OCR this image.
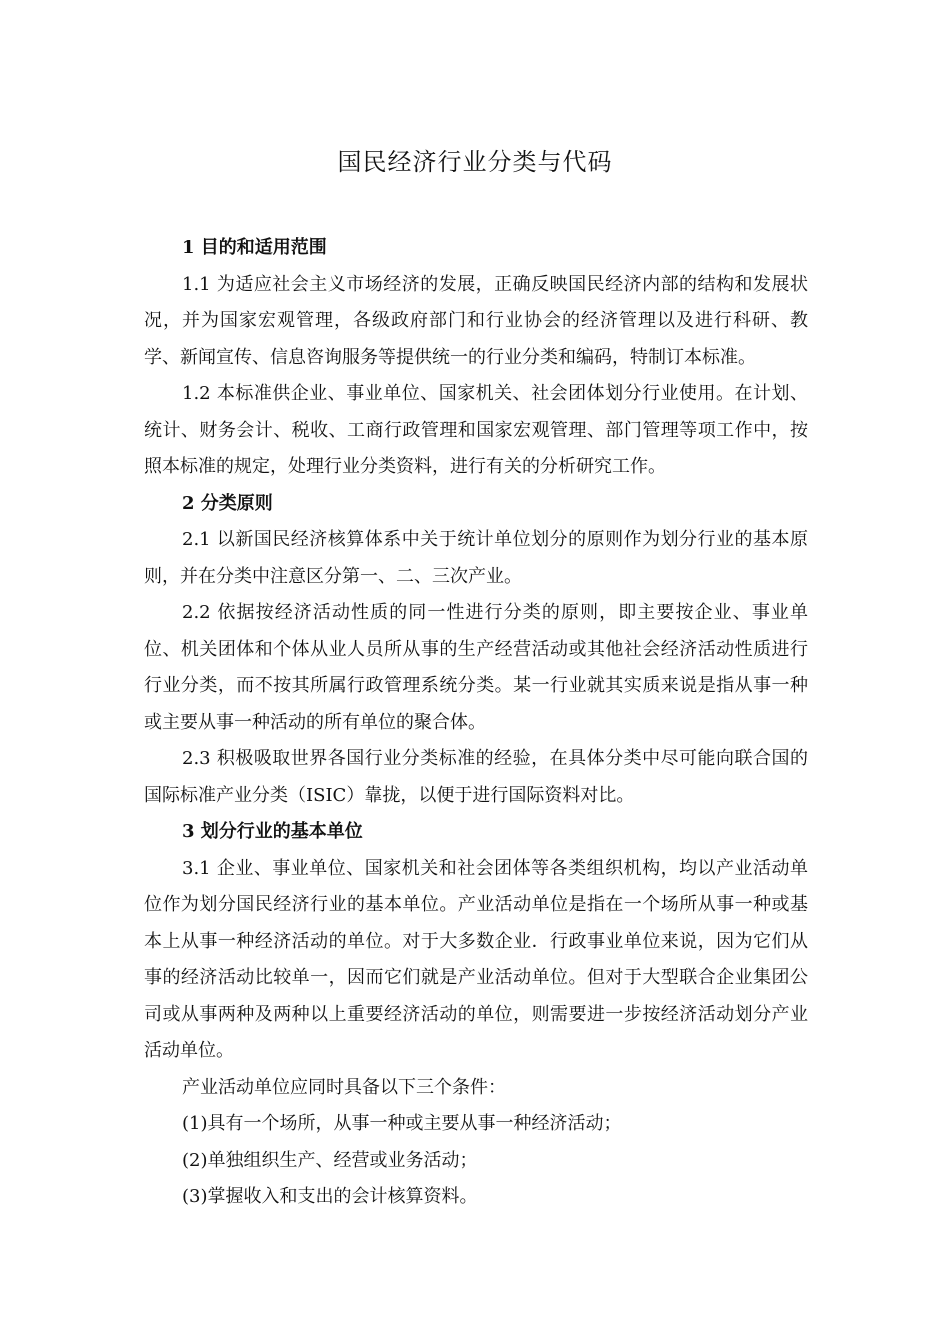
国民经济行业分类与代码

1 目的和适用范围

1.1 为适应社会主义市场经济的发展，正确反映国民经济内部的结构和发展状况，并为国家宏观管理，各级政府部门和行业协会的经济管理以及进行科研、教学、新闻宣传、信息咨询服务等提供统一的行业分类和编码，特制订本标准。

1.2 本标准供企业、事业单位、国家机关、社会团体划分行业使用。在计划、统计、财务会计、税收、工商行政管理和国家宏观管理、部门管理等项工作中，按照本标准的规定，处理行业分类资料，进行有关的分析研究工作。

2 分类原则

2.1 以新国民经济核算体系中关于统计单位划分的原则作为划分行业的基本原则，并在分类中注意区分第一、二、三次产业。

2.2 依据按经济活动性质的同一性进行分类的原则，即主要按企业、事业单位、机关团体和个体从业人员所从事的生产经营活动或其他社会经济活动性质进行行业分类，而不按其所属行政管理系统分类。某一行业就其实质来说是指从事一种或主要从事一种活动的所有单位的聚合体。

2.3 积极吸取世界各国行业分类标准的经验，在具体分类中尽可能向联合国的国际标准产业分类（ISIC）靠拢，以便于进行国际资料对比。

3 划分行业的基本单位

3.1 企业、事业单位、国家机关和社会团体等各类组织机构，均以产业活动单位作为划分国民经济行业的基本单位。产业活动单位是指在一个场所从事一种或基本上从事一种经济活动的单位。对于大多数企业．行政事业单位来说，因为它们从事的经济活动比较单一，因而它们就是产业活动单位。但对于大型联合企业集团公司或从事两种及两种以上重要经济活动的单位，则需要进一步按经济活动划分产业活动单位。

产业活动单位应同时具备以下三个条件：

(1)具有一个场所，从事一种或主要从事一种经济活动；

(2)单独组织生产、经营或业务活动；

(3)掌握收入和支出的会计核算资料。
